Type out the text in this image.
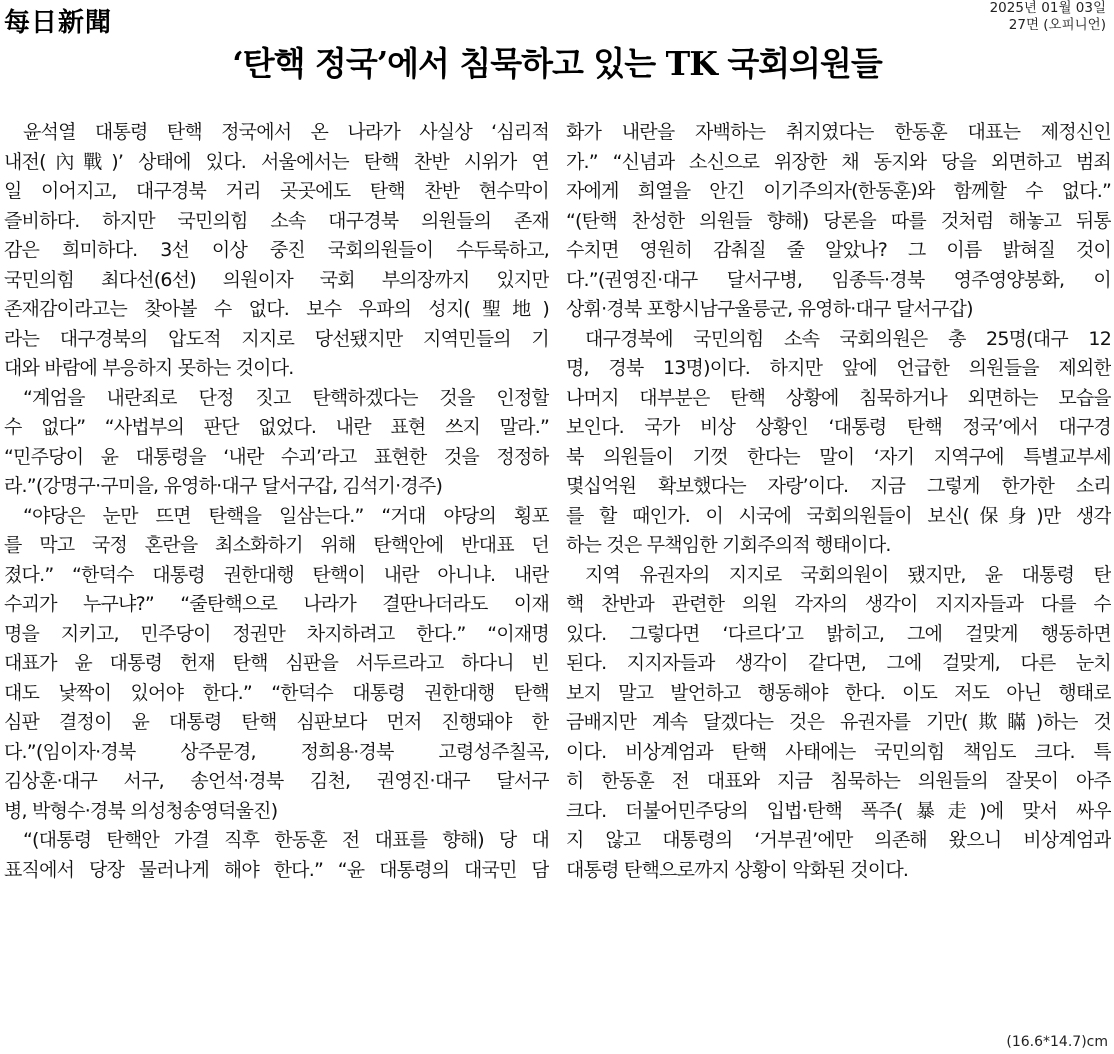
每日新聞	2025년 01월 03일
27면 (오피니언)
‘탄핵 정국’에서 침묵하고 있는 TK 국회의원들
윤석열 대통령 탄핵 정국에서 온 나라가 사실상 ‘심리적
내전(內戰)’ 상태에 있다. 서울에서는 탄핵 찬반 시위가 연
일 이어지고, 대구경북 거리 곳곳에도 탄핵 찬반 현수막이
즐비하다. 하지만 국민의힘 소속 대구경북 의원들의 존재
감은 희미하다. 3선 이상 중진 국회의원들이 수두룩하고,
국민의힘 최다선(6선) 의원이자 국회 부의장까지 있지만
존재감이라고는 찾아볼 수 없다. 보수 우파의 성지(聖地)
라는 대구경북의 압도적 지지로 당선됐지만 지역민들의 기
대와 바람에 부응하지 못하는 것이다.
“계엄을 내란죄로 단정 짓고 탄핵하겠다는 것을 인정할
수 없다” “사법부의 판단 없었다. 내란 표현 쓰지 말라.”
“민주당이 윤 대통령을 ‘내란 수괴’라고 표현한 것을 정정하
라.”(강명구·구미을, 유영하·대구 달서구갑, 김석기·경주)
“야당은 눈만 뜨면 탄핵을 일삼는다.” “거대 야당의 횡포
를 막고 국정 혼란을 최소화하기 위해 탄핵안에 반대표 던
졌다.” “한덕수 대통령 권한대행 탄핵이 내란 아니냐. 내란
수괴가 누구냐?” “줄탄핵으로 나라가 결딴나더라도 이재
명을 지키고, 민주당이 정권만 차지하려고 한다.” “이재명
대표가 윤 대통령 헌재 탄핵 심판을 서두르라고 하다니 빈
대도 낯짝이 있어야 한다.” “한덕수 대통령 권한대행 탄핵
심판 결정이 윤 대통령 탄핵 심판보다 먼저 진행돼야 한
다.”(임이자·경북 상주문경, 정희용·경북 고령성주칠곡,
김상훈·대구 서구, 송언석·경북 김천, 권영진·대구 달서구
병, 박형수·경북 의성청송영덕울진)
“(대통령 탄핵안 가결 직후 한동훈 전 대표를 향해) 당 대
표직에서 당장 물러나게 해야 한다.” “윤 대통령의 대국민 담
화가 내란을 자백하는 취지였다는 한동훈 대표는 제정신인
가.” “신념과 소신으로 위장한 채 동지와 당을 외면하고 범죄
자에게 희열을 안긴 이기주의자(한동훈)와 함께할 수 없다.”
“(탄핵 찬성한 의원들 향해) 당론을 따를 것처럼 해놓고 뒤통
수치면 영원히 감춰질 줄 알았나? 그 이름 밝혀질 것이
다.”(권영진·대구 달서구병, 임종득·경북 영주영양봉화, 이
상휘·경북 포항시남구울릉군, 유영하·대구 달서구갑)
대구경북에 국민의힘 소속 국회의원은 총 25명(대구 12
명, 경북 13명)이다. 하지만 앞에 언급한 의원들을 제외한
나머지 대부분은 탄핵 상황에 침묵하거나 외면하는 모습을
보인다. 국가 비상 상황인 ‘대통령 탄핵 정국’에서 대구경
북 의원들이 기껏 한다는 말이 ‘자기 지역구에 특별교부세
몇십억원 확보했다는 자랑’이다. 지금 그렇게 한가한 소리
를 할 때인가. 이 시국에 국회의원들이 보신(保身)만 생각
하는 것은 무책임한 기회주의적 행태이다.
지역 유권자의 지지로 국회의원이 됐지만, 윤 대통령 탄
핵 찬반과 관련한 의원 각자의 생각이 지지자들과 다를 수
있다. 그렇다면 ‘다르다’고 밝히고, 그에 걸맞게 행동하면
된다. 지지자들과 생각이 같다면, 그에 걸맞게, 다른 눈치
보지 말고 발언하고 행동해야 한다. 이도 저도 아닌 행태로
금배지만 계속 달겠다는 것은 유권자를 기만(欺瞞)하는 것
이다. 비상계엄과 탄핵 사태에는 국민의힘 책임도 크다. 특
히 한동훈 전 대표와 지금 침묵하는 의원들의 잘못이 아주
크다. 더불어민주당의 입법·탄핵 폭주(暴走)에 맞서 싸우
지 않고 대통령의 ‘거부권’에만 의존해 왔으니 비상계엄과
대통령 탄핵으로까지 상황이 악화된 것이다.
(16.6*14.7)cm
